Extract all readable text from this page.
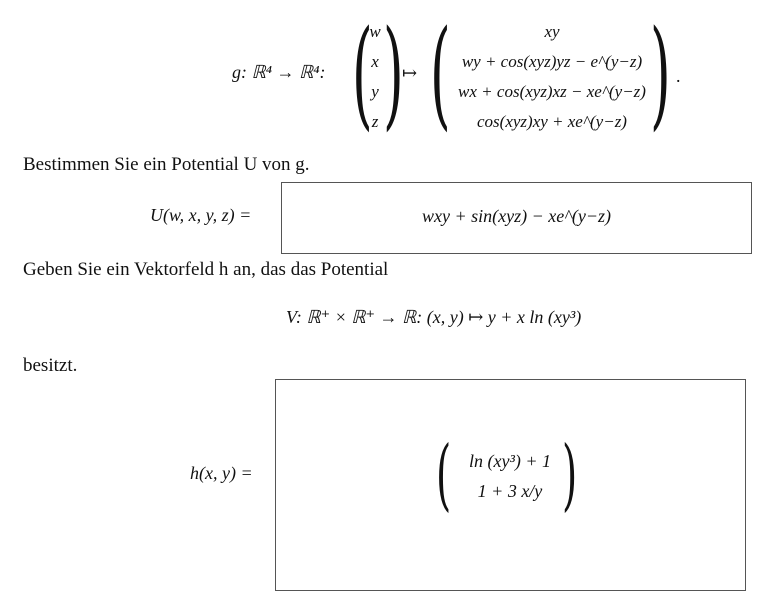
g: ℝ⁴ → ℝ⁴: (
w
x
y
z )
↦ (	xy
wy + cos(xyz)yz − e^(y−z)
wx + cos(xyz)xz − xe^(y−z)
cos(xyz)xy + xe^(y−z) ) .
Bestimmen Sie ein Potential U von g.
U(w, x, y, z) =	wxy + sin(xyz) − xe^(y−z)
Geben Sie ein Vektorfeld h an, das das Potential
V: ℝ⁺ × ℝ⁺ → ℝ: (x, y) ↦ y + x ln (xy³)
besitzt.
h(x, y) = ( ln (xy³) + 1
1 + 3 x/y )
